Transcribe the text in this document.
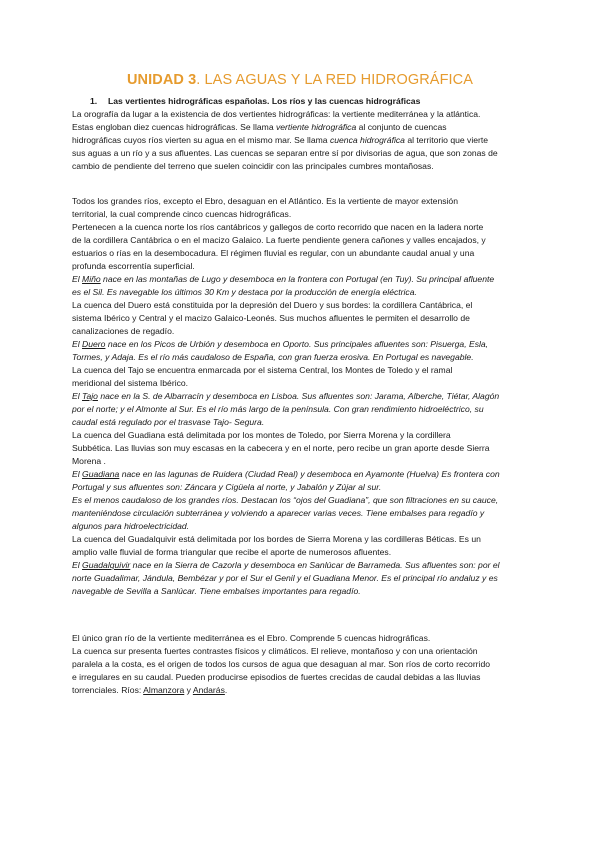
UNIDAD 3. LAS AGUAS Y LA RED HIDROGRÁFICA
1. Las vertientes hidrográficas españolas. Los ríos y las cuencas hidrográficas
La orografía da lugar a la existencia de dos vertientes hidrográficas: la vertiente mediterránea y la atlántica.
Estas engloban diez cuencas hidrográficas. Se llama vertiente hidrográfica al conjunto de cuencas
hidrográficas cuyos ríos vierten su agua en el mismo mar. Se llama cuenca hidrográfica al territorio que vierte
sus aguas a un río y a sus afluentes. Las cuencas se separan entre sí por divisorias de agua, que son zonas de
cambio de pendiente del terreno que suelen coincidir con las principales cumbres montañosas.
Todos los grandes ríos, excepto el Ebro, desaguan en el Atlántico. Es la vertiente de mayor extensión
territorial, la cual comprende cinco cuencas hidrográficas.
Pertenecen a la cuenca norte los ríos cantábricos y gallegos de corto recorrido que nacen en la ladera norte
de la cordillera Cantábrica o en el macizo Galaico. La fuerte pendiente genera cañones y valles encajados, y
estuarios o rías en la desembocadura. El régimen fluvial es regular, con un abundante caudal anual y una
profunda escorrentía superficial.
El Miño nace en las montañas de Lugo y desemboca en la frontera con Portugal (en Tuy). Su principal afluente
es el Sil. Es navegable los últimos 30 Km y destaca por la producción de energía eléctrica.
La cuenca del Duero está constituida por la depresión del Duero y sus bordes: la cordillera Cantábrica, el
sistema Ibérico y Central y el macizo Galaico-Leonés. Sus muchos afluentes le permiten el desarrollo de
canalizaciones de regadío.
El Duero nace en los Picos de Urbión y desemboca en Oporto. Sus principales afluentes son: Pisuerga, Esla,
Tormes, y Adaja. Es el río más caudaloso de España, con gran fuerza erosiva. En Portugal es navegable.
La cuenca del Tajo se encuentra enmarcada por el sistema Central, los Montes de Toledo y el ramal
meridional del sistema Ibérico.
El Tajo nace en la S. de Albarracín y desemboca en Lisboa. Sus afluentes son: Jarama, Alberche, Tiétar, Alagón
por el norte; y el Almonte al Sur. Es el río más largo de la península. Con gran rendimiento hidroeléctrico, su
caudal está regulado por el trasvase Tajo- Segura.
La cuenca del Guadiana está delimitada por los montes de Toledo, por Sierra Morena y la cordillera
Subbética. Las lluvias son muy escasas en la cabecera y en el norte, pero recibe un gran aporte desde Sierra
Morena .
El Guadiana nace en las lagunas de Ruidera (Ciudad Real) y desemboca en Ayamonte (Huelva) Es frontera con
Portugal y sus afluentes son: Záncara y Cigüela al norte, y Jabalón y Zújar al sur.
Es el menos caudaloso de los grandes ríos. Destacan los “ojos del Guadiana”, que son filtraciones en su cauce,
manteniéndose circulación subterránea y volviendo a aparecer varias veces. Tiene embalses para regadío y
algunos para hidroelectricidad.
La cuenca del Guadalquivir está delimitada por los bordes de Sierra Morena y las cordilleras Béticas. Es un
amplio valle fluvial de forma triangular que recibe el aporte de numerosos afluentes.
El Guadalquivir nace en la Sierra de Cazorla y desemboca en Sanlúcar de Barrameda. Sus afluentes son: por el
norte Guadalimar, Jándula, Bembézar y por el Sur el Genil y el Guadiana Menor. Es el principal río andaluz y es
navegable de Sevilla a Sanlúcar. Tiene embalses importantes para regadío.
El único gran río de la vertiente mediterránea es el Ebro. Comprende 5 cuencas hidrográficas.
La cuenca sur presenta fuertes contrastes físicos y climáticos. El relieve, montañoso y con una orientación
paralela a la costa, es el origen de todos los cursos de agua que desaguan al mar. Son ríos de corto recorrido
e irregulares en su caudal. Pueden producirse episodios de fuertes crecidas de caudal debidas a las lluvias
torrenciales. Ríos: Almanzora y Andarás.
